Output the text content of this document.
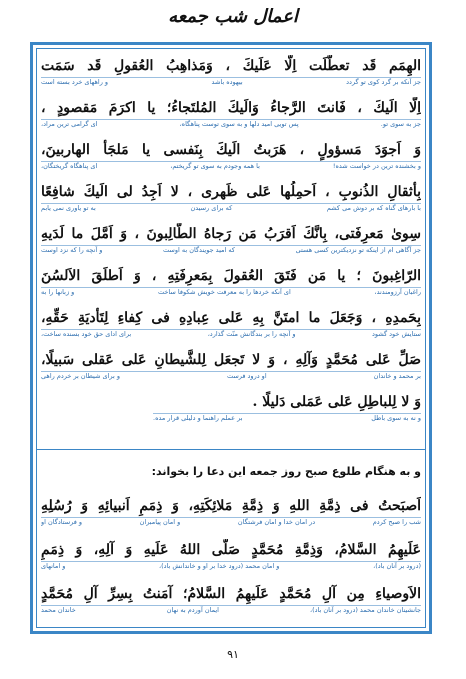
اعمال شب جمعه
الهِمَم قَد تعطَّلَت اِلّا عَلَیكَ ، وَمَذاهِبُ العُقولِ قَد سَمَت
جز آنکه بر گرد کوی تو گردد
بیهوده باشد
و راههای خرد بسته است
اِلّا الَیكَ ، فَانتَ الرَّجاءُ وَالَیكَ المُلتَجاءُ؛ یا اکرَمَ مَقصودٍ ،
جز به سوی تو.
پس تویی امید دلها و به سوی توست پناهگاه،
ای گرامی ترین مراد،
وَ اَجوَدَ مَسؤولٍ ، هَرَبتُ الَیكَ بِنَفسی یا مَلجَأَ الهاربینَ،
و بخشنده ترین در خواست شده!
با همه وجودم به سوی تو گریختم،
ای پناهگاه گریختگان،
بِأثقالِ الذُنوبِ ، اَحمِلُها عَلی ظَهری ، لا اَجِدُ لی الَیكَ شافِعًا
با بارهای گناه که بر دوش می کشم
که برای رسیدن
به تو یاوری نمی یابم
سِویٰ مَعرِفَتی، بِانَّكَ اَقرَبُ مَن رَجاهُ الطّالِبونَ ، وَ اَمَّلَ ما لَدَیهِ
جز آگاهی ام از اینکه تو نزدیکترین کسی هستی
که امید جویندگان به اوست
و آنچه را که نزد اوست
الرّاغِبونَ ؛ یا مَن فَتَقَ العُقولَ بِمَعرِفَتِهِ ، وَ اَطلَقَ الاَلسُنَ
راغبان آرزومندند،
ای آنکه خردها را به معرفت خویش شکوفا ساخت
و زبانها را به
بِحَمدِهِ ، وَجَعَلَ ما امتَنَّ بِهِ عَلی عِبادِهِ فی كِفاءِ لِتَأدیَةِ حَقِّهِ،
ستایش خود گشود
و آنچه را بر بندگانش منّت گذارد،
برای ادای حق خود بسنده ساخت،
صَلِّ عَلی مُحَمَّدٍ وَآلِهِ ، وَ لا تَجعَل لِلشَّیطانِ عَلی عَقلی سَبیلًا،
بر محمد و خاندان
او درود فرست
و برای شیطان بر خردم راهی
وَ لا لِلباطِلِ عَلی عَمَلی دَلیلًا .
و نه به سوی باطل
بر عملم راهنما و دلیلی قرار مده.
و به هنگام طلوع صبح روز جمعه این دعا را بخواند:
اَصبَحتُ فی ذِمَّةِ اللهِ وَ ذِمَّةِ مَلائِكَتِهِ، وَ ذِمَمِ اَنبیائِهِ وَ رُسُلِهِ
شب را صبح کردم
در امان خدا و امان فرشتگان
و امان پیامبران
و فرستادگان او
عَلَیهِمُ السَّلامُ، وَذِمَّةِ مُحَمَّدٍ صَلَّی اللهُ عَلَیهِ وَ آلِهِ، وَ ذِمَمِ
(درود بر آنان باد)،
و امان محمد (درود خدا بر او و خاندانش باد)،
و امانهای
الاَوصیاءِ مِن آلِ مُحَمَّدٍ عَلَیهِمُ السَّلامُ؛ آمَنتُ بِسِرِّ آلِ مُحَمَّدٍ
جانشینان خاندان محمد (درود بر آنان باد)،
ایمان آوردم به نهان
خاندان محمد
۹۱
